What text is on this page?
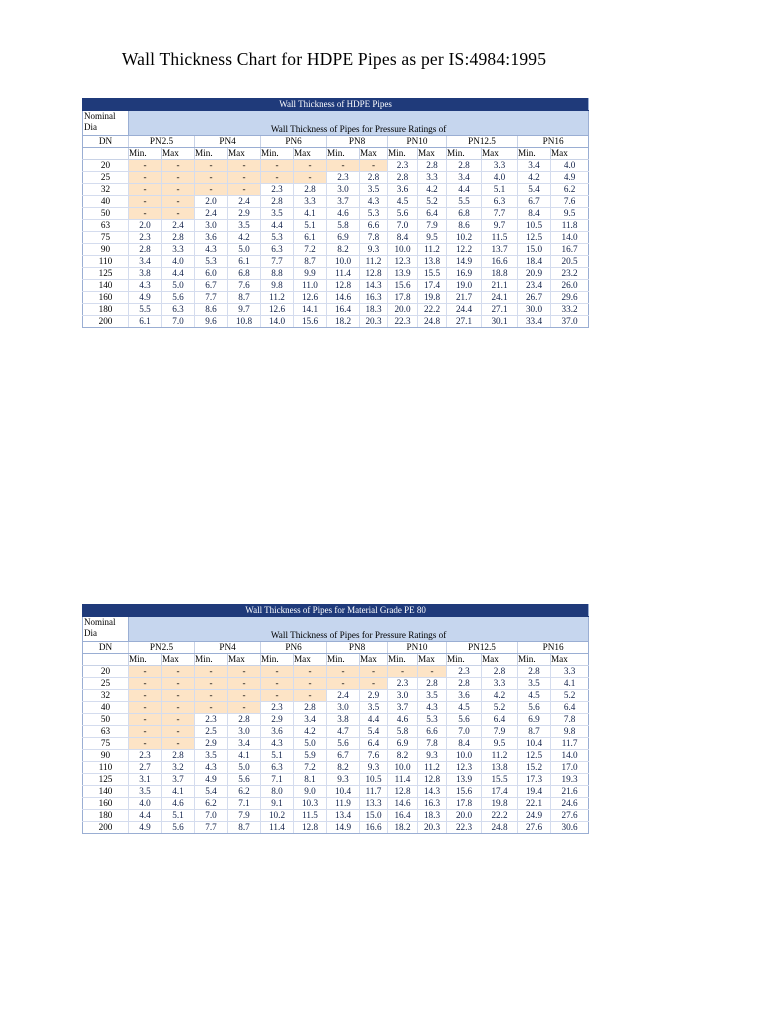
Wall Thickness Chart for HDPE Pipes as per IS:4984:1995
Wall Thickness of HDPE Pipes														
Nominal Dia	Wall Thickness of Pipes for Pressure Ratings of													
DN	PN2.5		PN4		PN6		PN8		PN10		PN12.5		PN16	
	Min.	Max	Min.	Max	Min.	Max	Min.	Max	Min.	Max	Min.	Max	Min.	Max
20	-	-	-	-	-	-	-	-	2.3	2.8	2.8	3.3	3.4	4.0
25	-	-	-	-	-	-	2.3	2.8	2.8	3.3	3.4	4.0	4.2	4.9
32	-	-	-	-	2.3	2.8	3.0	3.5	3.6	4.2	4.4	5.1	5.4	6.2
40	-	-	2.0	2.4	2.8	3.3	3.7	4.3	4.5	5.2	5.5	6.3	6.7	7.6
50	-	-	2.4	2.9	3.5	4.1	4.6	5.3	5.6	6.4	6.8	7.7	8.4	9.5
63	2.0	2.4	3.0	3.5	4.4	5.1	5.8	6.6	7.0	7.9	8.6	9.7	10.5	11.8
75	2.3	2.8	3.6	4.2	5.3	6.1	6.9	7.8	8.4	9.5	10.2	11.5	12.5	14.0
90	2.8	3.3	4.3	5.0	6.3	7.2	8.2	9.3	10.0	11.2	12.2	13.7	15.0	16.7
110	3.4	4.0	5.3	6.1	7.7	8.7	10.0	11.2	12.3	13.8	14.9	16.6	18.4	20.5
125	3.8	4.4	6.0	6.8	8.8	9.9	11.4	12.8	13.9	15.5	16.9	18.8	20.9	23.2
140	4.3	5.0	6.7	7.6	9.8	11.0	12.8	14.3	15.6	17.4	19.0	21.1	23.4	26.0
160	4.9	5.6	7.7	8.7	11.2	12.6	14.6	16.3	17.8	19.8	21.7	24.1	26.7	29.6
180	5.5	6.3	8.6	9.7	12.6	14.1	16.4	18.3	20.0	22.2	24.4	27.1	30.0	33.2
200	6.1	7.0	9.6	10.8	14.0	15.6	18.2	20.3	22.3	24.8	27.1	30.1	33.4	37.0
Wall Thickness of Pipes for Material Grade PE 80														
Nominal Dia	Wall Thickness of Pipes for Pressure Ratings of													
DN	PN2.5		PN4		PN6		PN8		PN10		PN12.5		PN16	
	Min.	Max	Min.	Max	Min.	Max	Min.	Max	Min.	Max	Min.	Max	Min.	Max
20	-	-	-	-	-	-	-	-	-	-	2.3	2.8	2.8	3.3
25	-	-	-	-	-	-	-	-	2.3	2.8	2.8	3.3	3.5	4.1
32	-	-	-	-	-	-	2.4	2.9	3.0	3.5	3.6	4.2	4.5	5.2
40	-	-	-	-	2.3	2.8	3.0	3.5	3.7	4.3	4.5	5.2	5.6	6.4
50	-	-	2.3	2.8	2.9	3.4	3.8	4.4	4.6	5.3	5.6	6.4	6.9	7.8
63	-	-	2.5	3.0	3.6	4.2	4.7	5.4	5.8	6.6	7.0	7.9	8.7	9.8
75	-	-	2.9	3.4	4.3	5.0	5.6	6.4	6.9	7.8	8.4	9.5	10.4	11.7
90	2.3	2.8	3.5	4.1	5.1	5.9	6.7	7.6	8.2	9.3	10.0	11.2	12.5	14.0
110	2.7	3.2	4.3	5.0	6.3	7.2	8.2	9.3	10.0	11.2	12.3	13.8	15.2	17.0
125	3.1	3.7	4.9	5.6	7.1	8.1	9.3	10.5	11.4	12.8	13.9	15.5	17.3	19.3
140	3.5	4.1	5.4	6.2	8.0	9.0	10.4	11.7	12.8	14.3	15.6	17.4	19.4	21.6
160	4.0	4.6	6.2	7.1	9.1	10.3	11.9	13.3	14.6	16.3	17.8	19.8	22.1	24.6
180	4.4	5.1	7.0	7.9	10.2	11.5	13.4	15.0	16.4	18.3	20.0	22.2	24.9	27.6
200	4.9	5.6	7.7	8.7	11.4	12.8	14.9	16.6	18.2	20.3	22.3	24.8	27.6	30.6
